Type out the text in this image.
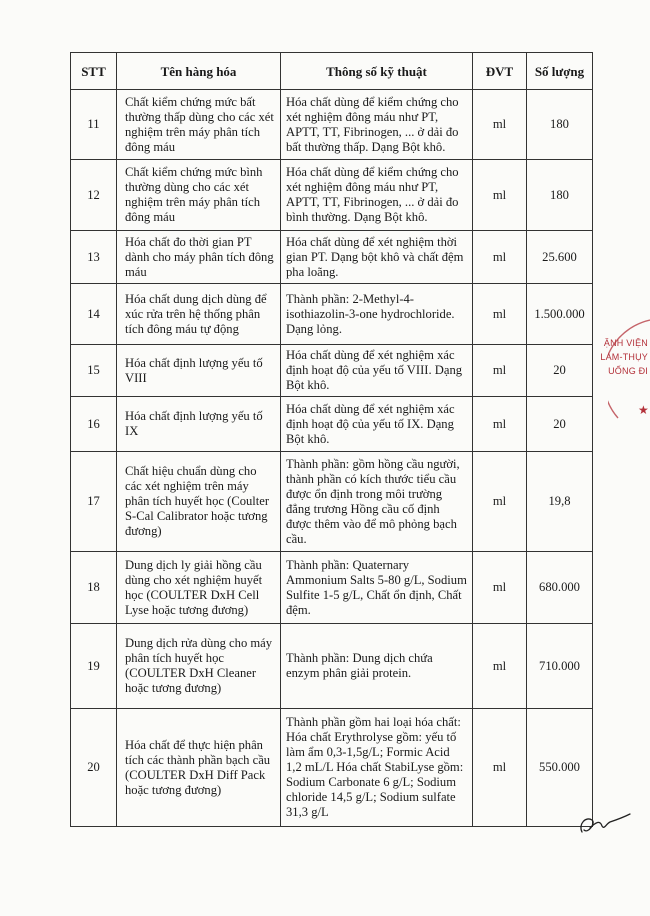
STT	Tên hàng hóa	Thông số kỹ thuật	ĐVT	Số lượng
11	Chất kiểm chứng mức bất thường thấp dùng cho các xét nghiệm trên máy phân tích đông máu	Hóa chất dùng để kiểm chứng cho xét nghiệm đông máu như PT, APTT, TT, Fibrinogen, ... ở dải đo bất thường thấp. Dạng Bột khô.	ml	180
12	Chất kiểm chứng mức bình thường dùng cho các xét nghiệm trên máy phân tích đông máu	Hóa chất dùng để kiểm chứng cho xét nghiệm đông máu như PT, APTT, TT, Fibrinogen, ... ở dải đo bình thường. Dạng Bột khô.	ml	180
13	Hóa chất đo thời gian PT dành cho máy phân tích đông máu	Hóa chất dùng để xét nghiệm thời gian PT. Dạng bột khô và chất đệm pha loãng.	ml	25.600
14	Hóa chất dung dịch dùng để xúc rửa trên hệ thống phân tích đông máu tự động	Thành phần: 2-Methyl-4-isothiazolin-3-one hydrochloride. Dạng lỏng.	ml	1.500.000
15	Hóa chất định lượng yếu tố VIII	Hóa chất dùng để xét nghiệm xác định hoạt độ của yếu tố VIII. Dạng Bột khô.	ml	20
16	Hóa chất định lượng yếu tố IX	Hóa chất dùng để xét nghiệm xác định hoạt độ của yếu tố IX. Dạng Bột khô.	ml	20
17	Chất hiệu chuẩn dùng cho các xét nghiệm trên máy phân tích huyết học (Coulter S-Cal Calibrator hoặc tương đương)	Thành phần: gồm hồng cầu người, thành phần có kích thước tiểu cầu được ổn định trong môi trường đẳng trương Hồng cầu cố định được thêm vào để mô phỏng bạch cầu.	ml	19,8
18	Dung dịch ly giải hồng cầu dùng cho xét nghiệm huyết học (COULTER DxH Cell Lyse hoặc tương đương)	Thành phần: Quaternary Ammonium Salts 5-80 g/L, Sodium Sulfite 1-5 g/L, Chất ổn định, Chất đệm.	ml	680.000
19	Dung dịch rửa dùng cho máy phân tích huyết học (COULTER DxH Cleaner hoặc tương đương)	Thành phần: Dung dịch chứa enzym phân giải protein.	ml	710.000
20	Hóa chất để thực hiện phân tích các thành phần bạch cầu (COULTER DxH Diff Pack hoặc tương đương)	Thành phần gồm hai loại hóa chất: Hóa chất Erythrolyse gồm: yếu tố làm ẩm 0,3-1,5g/L; Formic Acid 1,2 mL/L Hóa chất StabiLyse gồm: Sodium Carbonate 6 g/L; Sodium chloride 14,5 g/L; Sodium sulfate 31,3 g/L	ml	550.000
★
ẶNH VIỆN
LAM-THỤY
UỐNG ĐI
